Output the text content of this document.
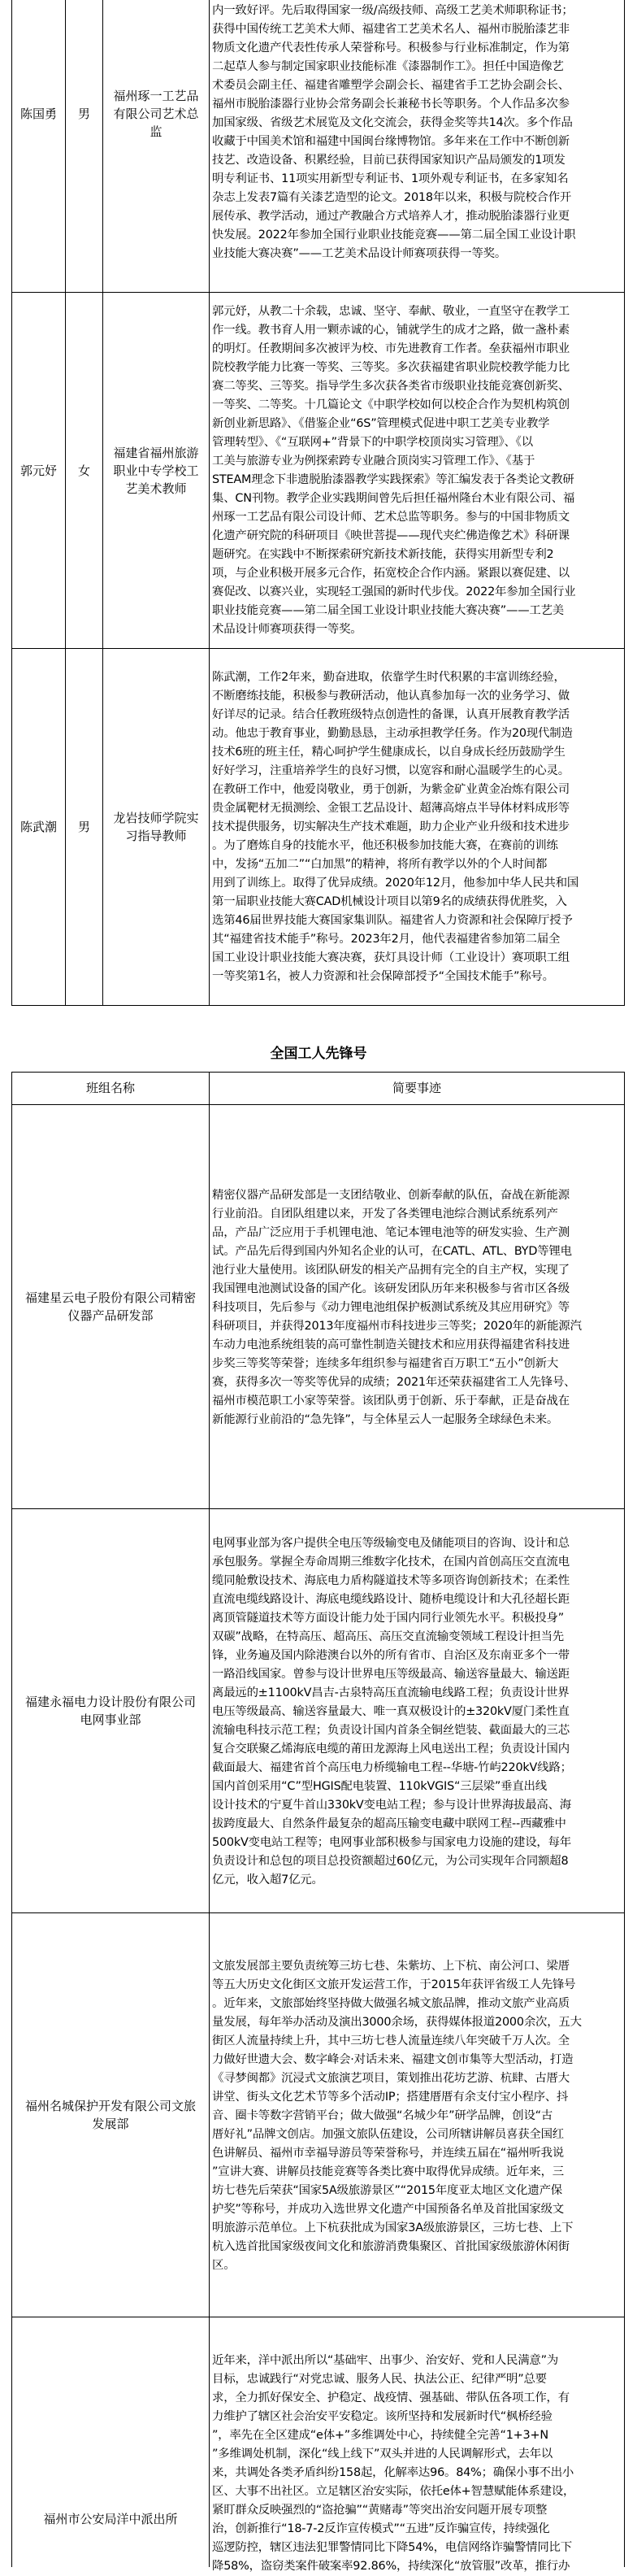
陈国勇 男
福州琢一工艺品
有限公司艺术总
监
内一致好评。先后取得国家一级/高级技师、高级工艺美术师职称证书；
获得中国传统工艺美术大师、福建省工艺美术名人、福州市脱胎漆艺非
物质文化遗产代表性传承人荣誉称号。积极参与行业标准制定，作为第
二起草人参与制定国家职业技能标准《漆器制作工》。担任中国造像艺
术委员会副主任、福建省雕塑学会副会长、福建省手工艺协会副会长、
福州市脱胎漆器行业协会常务副会长兼秘书长等职务。个人作品多次参
加国家级、省级艺术展览及文化交流会，获得金奖等共14次。多个作品
收藏于中国美术馆和福建中国闽台缘博物馆。多年来在工作中不断创新
技艺、改造设备、积累经验，目前已获得国家知识产品局颁发的1项发
明专利证书、11项实用新型专利证书、1项外观专利证书，在多家知名
杂志上发表7篇有关漆艺造型的论文。2018年以来，积极与院校合作开
展传承、教学活动，通过产教融合方式培养人才，推动脱胎漆器行业更
快发展。2022年参加全国行业职业技能竞赛——第二届全国工业设计职
业技能大赛决赛”——工艺美术品设计师赛项获得一等奖。
郭元妤 女
福建省福州旅游
职业中专学校工
艺美术教师
郭元妤，从教二十余载，忠诚、坚守、奉献、敬业，一直坚守在教学工
作一线。教书育人用一颗赤诚的心，铺就学生的成才之路，做一盏朴素
的明灯。任教期间多次被评为校、市先进教育工作者。垒获福州市职业
院校教学能力比赛一等奖、三等奖。多次获福建省职业院校教学能力比
赛二等奖、三等奖。指导学生多次获各类省市级职业技能竞赛创新奖、
一等奖、二等奖。十几篇论文《中职学校如何以校企合作为契机构筑创
新创业新思路》、《借鉴企业“6S”管理模式促进中职工艺美专业教学
管理转型》、《“互联网+”背景下的中职学校顶岗实习管理》、《以
工美与旅游专业为例探索跨专业融合顶岗实习管理工作》、《基于
STEAM理念下非遗脱胎漆器教学实践探索》等汇编发表于各类论文教研
集、CN刊物。教学企业实践期间曾先后担任福州隆台木业有限公司、福
州琢一工艺品有限公司设计师、艺术总监等职务。参与的中国非物质文
化遗产研究院的科研项目《映世菩提——现代夹纻佛造像艺术》科研课
题研究。在实践中不断探索研究新技术新技能，获得实用新型专利2
项，与企业积极开展多元合作，拓宽校企合作内涵。紧跟以赛促建、以
赛促改、以赛兴业，实现轻工强国的新时代步伐。2022年参加全国行业
职业技能竞赛——第二届全国工业设计职业技能大赛决赛”——工艺美
术品设计师赛项获得一等奖。
陈武潮 男
龙岩技师学院实
习指导教师
陈武潮，工作2年来，勤奋进取，依靠学生时代积累的丰富训练经验，
不断磨练技能，积极参与教研活动，他认真参加每一次的业务学习、做
好详尽的记录。结合任教班级特点创造性的备课，认真开展教育教学活
动。他忠于教育事业，勤勤恳恳，主动承担教学任务。作为20现代制造
技术6班的班主任，精心呵护学生健康成长，以自身成长经历鼓励学生
好好学习，注重培养学生的良好习惯，以宽容和耐心温暖学生的心灵。
在教研工作中，他爱岗敬业，勇于创新，为紫金矿业黄金冶炼有限公司
贵金属靶材无损测绘、金银工艺品设计、超薄高熔点半导体材料成形等
技术提供服务，切实解决生产技术难题，助力企业产业升级和技术进步
。为了磨炼自身的技能水平，他还积极参加技能大赛，在赛前的训练
中，发扬“五加二”“白加黑”的精神，将所有教学以外的个人时间都
用到了训练上。取得了优异成绩。2020年12月，他参加中华人民共和国
第一届职业技能大赛CAD机械设计项目以第9名的成绩获得优胜奖，入
选第46届世界技能大赛国家集训队。福建省人力资源和社会保障厅授予
其“福建省技术能手”称号。2023年2月，他代表福建省参加第二届全
国工业设计职业技能大赛决赛，获灯具设计师（工业设计）赛项职工组
一等奖第1名，被人力资源和社会保障部授予“全国技术能手”称号。
全国工人先锋号
班组名称	简要事迹
福建星云电子股份有限公司精密
仪器产品研发部
精密仪器产品研发部是一支团结敬业、创新奉献的队伍，奋战在新能源
行业前沿。自团队组建以来，开发了各类锂电池综合测试系统系列产
品，产品广泛应用于手机锂电池、笔记本锂电池等的研发实验、生产测
试。产品先后得到国内外知名企业的认可，在CATL、ATL、BYD等锂电
池行业大量使用。该团队研发的相关产品拥有完全的自主产权，实现了
我国锂电池测试设备的国产化。该研发团队历年来积极参与省市区各级
科技项目，先后参与《动力锂电池组保护板测试系统及其应用研究》等
科研项目，并获得2013年度福州市科技进步三等奖；2020年的新能源汽
车动力电池系统组装的高可靠性制造关键技术和应用获得福建省科技进
步奖三等奖等荣誉；连续多年组织参与福建省百万职工“五小”创新大
赛，获得多次一等奖等优异的成绩；2021年还荣获福建省工人先锋号、
福州市模范职工小家等荣誉。该团队勇于创新、乐于奉献，正是奋战在
新能源行业前沿的“急先锋”，与全体星云人一起服务全球绿色未来。
福建永福电力设计股份有限公司
电网事业部
电网事业部为客户提供全电压等级输变电及储能项目的咨询、设计和总
承包服务。掌握全寿命周期三维数字化技术，在国内首创高压交直流电
缆同舱敷设技术、海底电力盾构隧道技术等多项咨询创新技术；在柔性
直流电缆线路设计、海底电缆线路设计、随桥电缆设计和大孔径超长距
离顶管隧道技术等方面设计能力处于国内同行业领先水平。积极投身”
双碳”战略，在特高压、超高压、高压交直流输变领域工程设计担当先
锋，业务遍及国内除港澳台以外的所有省市、自治区及东南亚多个一带
一路沿线国家。曾参与设计世界电压等级最高、输送容量最大、输送距
离最远的±1100kV昌吉-古泉特高压直流输电线路工程；负责设计世界
电压等级最高、输送容量最大、唯一真双极设计的±320kV厦门柔性直
流输电科技示范工程；负责设计国内首条全铜丝铠装、截面最大的三芯
复合交联聚乙烯海底电缆的莆田龙源海上风电送出工程；负责设计国内
截面最大、福建省首个高压电力桥缆输电工程--华塘-竹屿220kV线路；
国内首创采用“C”型HGIS配电装置、110kVGIS“三层梁”垂直出线
设计技术的宁夏牛首山330kV变电站工程；参与设计世界海拔最高、海
拔跨度最大、自然条件最复杂的超高压输变电藏中联网工程--西藏雅中
500kV变电站工程等；电网事业部积极参与国家电力设施的建设，每年
负责设计和总包的项目总投资额超过60亿元，为公司实现年合同额超8
亿元，收入超7亿元。
福州名城保护开发有限公司文旅
发展部
文旅发展部主要负责统筹三坊七巷、朱紫坊、上下杭、南公河口、梁厝
等五大历史文化街区文旅开发运营工作，于2015年获评省级工人先锋号
。近年来，文旅部始终坚持做大做强名城文旅品牌，推动文旅产业高质
量发展，每年举办活动及演出3000余场，获得媒体报道2000余次，五大
街区人流量持续上升，其中三坊七巷人流量连续八年突破千万人次。全
力做好世遗大会、数字峰会·对话未来、福建文创市集等大型活动，打造
《寻梦闽都》沉浸式文旅演艺项目，策划推出花坊艺游、杭肆、古厝大
讲堂、街头文化艺术节等多个活动IP；搭建厝厝有余支付宝小程序、抖
音、圈卡等数字营销平台；做大做强“名城少年”研学品牌，创设“古
厝好礼”品牌文创店。加强文旅队伍建设，公司所辖讲解员喜获全国红
色讲解员、福州市幸福导游员等荣誉称号，并连续五届在“福州听我说
”宣讲大赛、讲解员技能竞赛等各类比赛中取得优异成绩。近年来，三
坊七巷先后荣获“国家5A级旅游景区”“2015年度亚太地区文化遗产保
护奖”等称号，并成功入选世界文化遗产中国预备名单及首批国家级文
明旅游示范单位。上下杭获批成为国家3A级旅游景区，三坊七巷、上下
杭入选首批国家级夜间文化和旅游消费集聚区、首批国家级旅游休闲街
区。
福州市公安局洋中派出所
近年来，洋中派出所以“基础牢、出事少、治安好、党和人民满意”为
目标，忠诚践行“对党忠诚、服务人民、执法公正、纪律严明”总要
求，全力抓好保安全、护稳定、战疫情、强基础、带队伍各项工作，有
力维护了辖区社会治安平安稳定。该所坚持和发展新时代“枫桥经验
”，率先在全区建成“e体+”多维调处中心，持续健全完善“1+3+N
”多维调处机制，深化“线上线下”双头并进的人民调解形式，去年以
来，共调处各类矛盾纠纷158起，化解率达96。84%；确保小事不出小
区、大事不出社区。立足辖区治安实际，依托e体+智慧赋能体系建设，
紧盯群众反映强烈的“盗抢骗”“黄赌毒”等突出治安问题开展专项整
治，创新推行“18-7-2反诈宣传模式”“五进”反诈骗宣传，持续强化
巡逻防控，辖区违法犯罪警情同比下降54%，电信网络诈骗警情同比下
降58%，盗窃类案件破案率92.86%，持续深化“放管服”改革，推行办
